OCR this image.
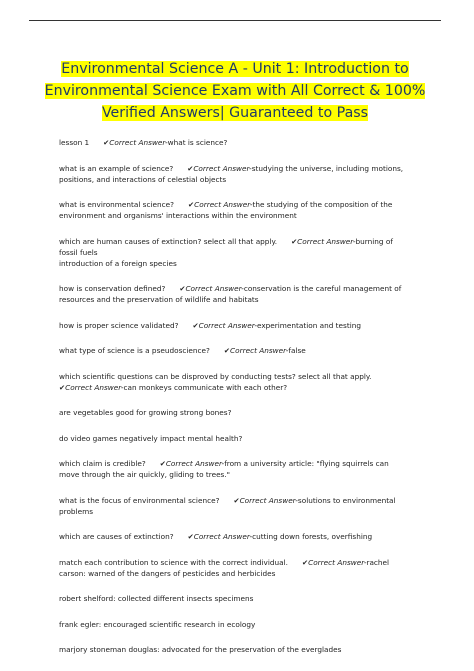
Environmental Science A - Unit 1: Introduction to Environmental Science Exam with All Correct & 100% Verified Answers| Guaranteed to Pass
lesson 1 ✔Correct Answer-what is science?
what is an example of science? ✔Correct Answer-studying the universe, including motions, positions, and interactions of celestial objects
what is environmental science? ✔Correct Answer-the studying of the composition of the environment and organisms' interactions within the environment
which are human causes of extinction? select all that apply. ✔Correct Answer-burning of fossil fuels
introduction of a foreign species
how is conservation defined? ✔Correct Answer-conservation is the careful management of resources and the preservation of wildlife and habitats
how is proper science validated? ✔Correct Answer-experimentation and testing
what type of science is a pseudoscience? ✔Correct Answer-false
which scientific questions can be disproved by conducting tests? select all that apply.✔Correct Answer-can monkeys communicate with each other?
are vegetables good for growing strong bones?
do video games negatively impact mental health?
which claim is credible? ✔Correct Answer-from a university article: "flying squirrels can move through the air quickly, gliding to trees."
what is the focus of environmental science? ✔Correct Answer-solutions to environmental problems
which are causes of extinction? ✔Correct Answer-cutting down forests, overfishing
match each contribution to science with the correct individual. ✔Correct Answer-rachel carson: warned of the dangers of pesticides and herbicides
robert shelford: collected different insects specimens
frank egler: encouraged scientific research in ecology
marjory stoneman douglas: advocated for the preservation of the everglades
